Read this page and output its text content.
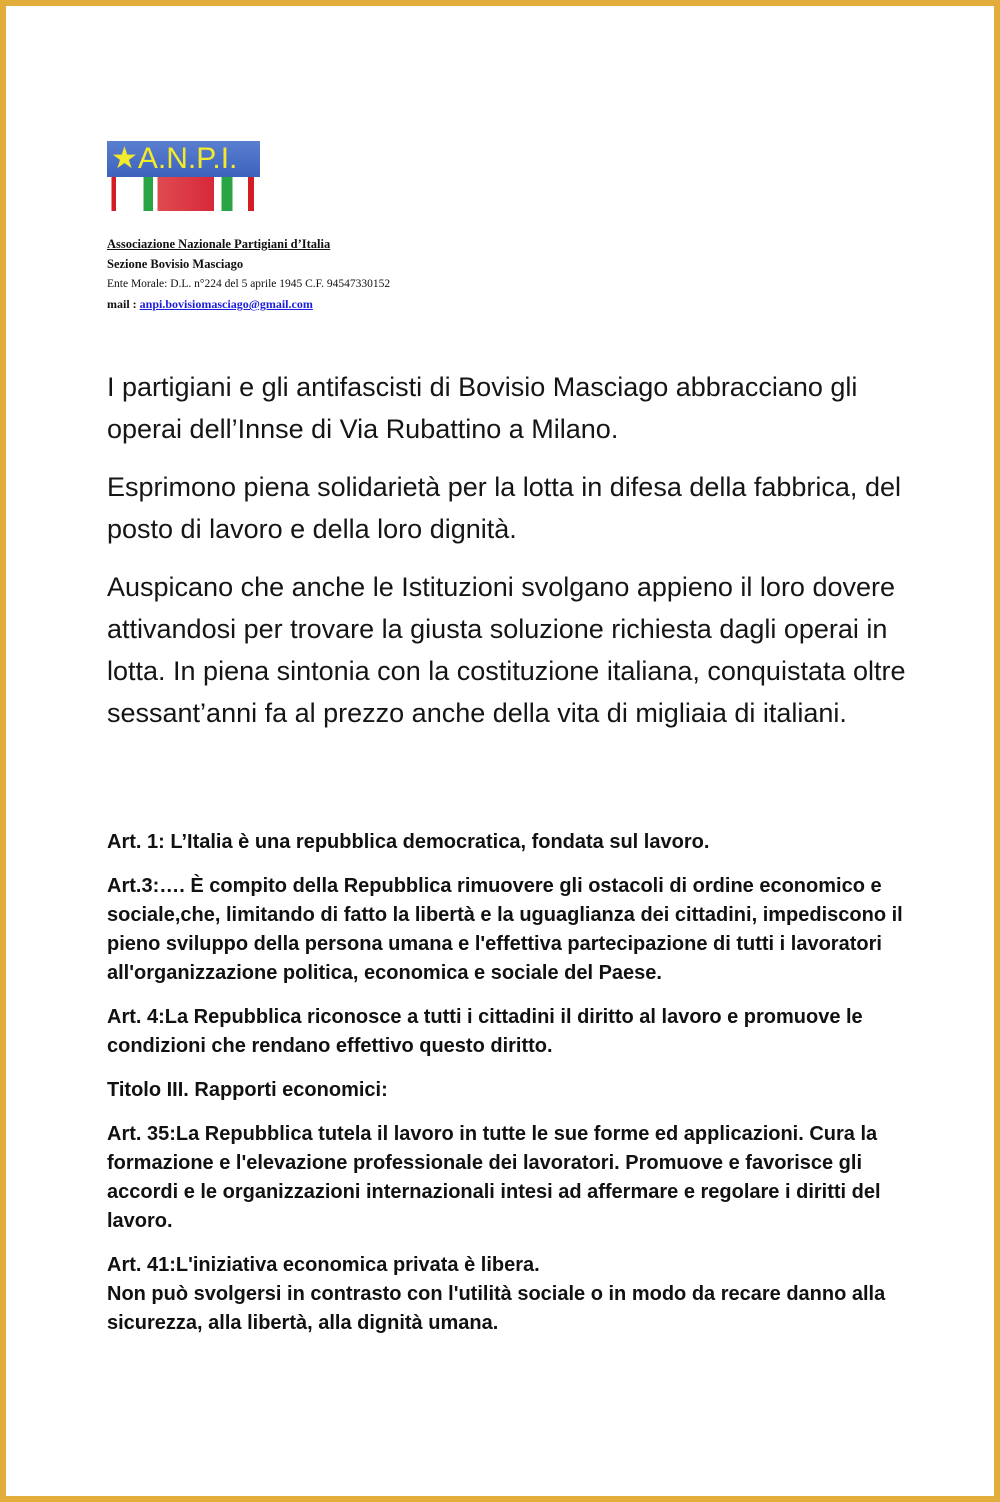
★A.N.P.I.
Associazione Nazionale Partigiani d’Italia
Sezione Bovisio Masciago
Ente Morale: D.L. n°224 del 5 aprile 1945 C.F. 94547330152
mail : anpi.bovisiomasciago@gmail.com

I partigiani e gli antifascisti di Bovisio Masciago abbracciano gli operai dell’Innse di Via Rubattino a Milano.

Esprimono piena solidarietà per la lotta in difesa della fabbrica, del posto di lavoro e della loro dignità.

Auspicano che anche le Istituzioni svolgano appieno il loro dovere attivandosi per trovare la giusta soluzione richiesta dagli operai in lotta. In piena sintonia con la costituzione italiana, conquistata oltre sessant’anni fa al prezzo anche della vita di migliaia di italiani.

Art. 1: L’Italia è una repubblica democratica, fondata sul lavoro.

Art.3:…. È compito della Repubblica rimuovere gli ostacoli di ordine economico e sociale,che, limitando di fatto la libertà e la uguaglianza dei cittadini, impediscono il pieno sviluppo della persona umana e l'effettiva partecipazione di tutti i lavoratori
all'organizzazione politica, economica e sociale del Paese.

Art. 4:La Repubblica riconosce a tutti i cittadini il diritto al lavoro e promuove le condizioni che rendano effettivo questo diritto.

Titolo III. Rapporti economici:

Art. 35:La Repubblica tutela il lavoro in tutte le sue forme ed applicazioni. Cura la formazione e l'elevazione professionale dei lavoratori. Promuove e favorisce gli accordi e le organizzazioni internazionali intesi ad affermare e regolare i diritti del lavoro.

Art. 41:L'iniziativa economica privata è libera.
Non può svolgersi in contrasto con l'utilità sociale o in modo da recare danno alla sicurezza, alla libertà, alla dignità umana.
